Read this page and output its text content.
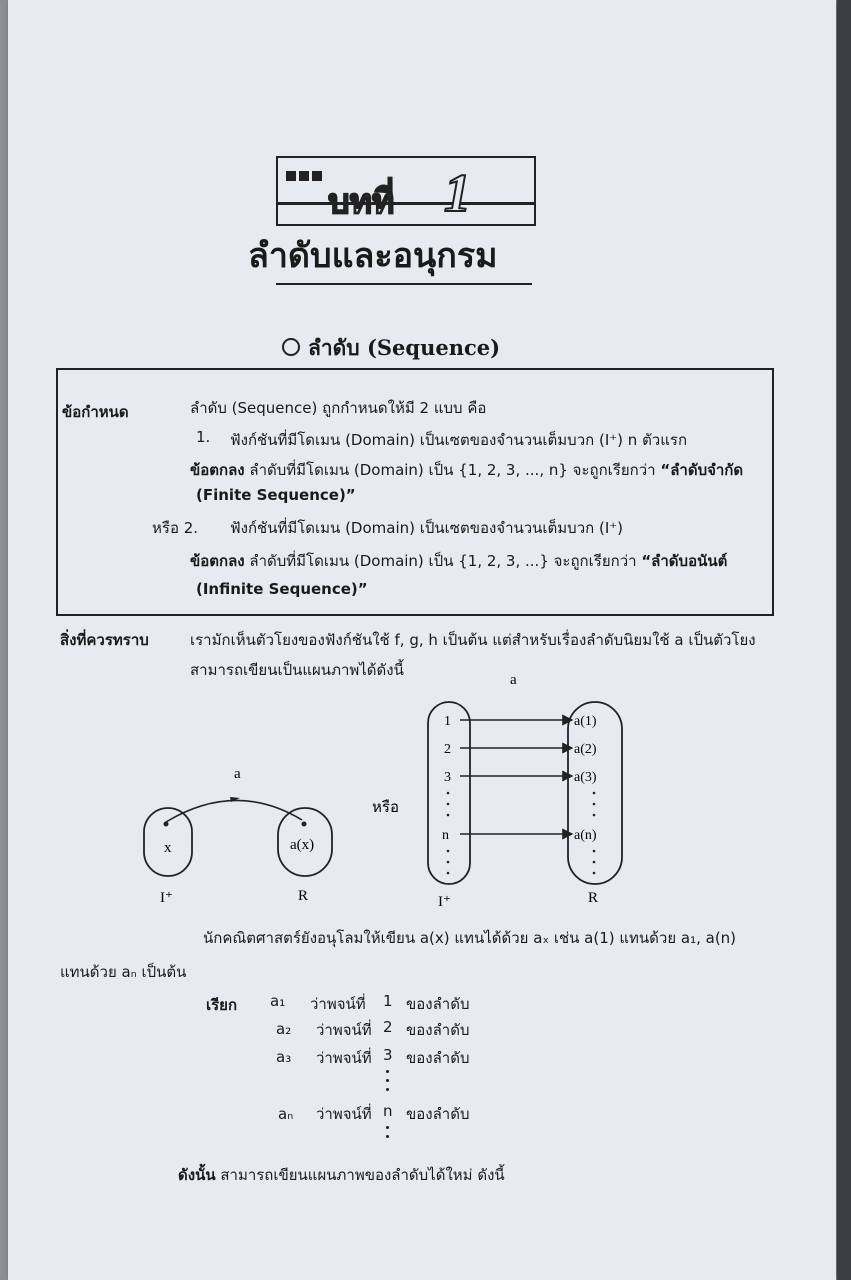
บทที่ 1
ลำดับและอนุกรม
ลำดับ (Sequence)
ข้อกำหนด	ลำดับ (Sequence) ถูกกำหนดให้มี 2 แบบ คือ
1. ฟังก์ชันที่มีโดเมน (Domain) เป็นเซตของจำนวนเต็มบวก (I⁺) n ตัวแรก
ข้อตกลง ลำดับที่มีโดเมน (Domain) เป็น {1, 2, 3, ..., n} จะถูกเรียกว่า “ลำดับจำกัด
(Finite Sequence)”
หรือ 2. ฟังก์ชันที่มีโดเมน (Domain) เป็นเซตของจำนวนเต็มบวก (I⁺)
ข้อตกลง ลำดับที่มีโดเมน (Domain) เป็น {1, 2, 3, ...} จะถูกเรียกว่า “ลำดับอนันต์
(Infinite Sequence)”
สิ่งที่ควรทราบ	เรามักเห็นตัวโยงของฟังก์ชันใช้ f, g, h เป็นต้น แต่สำหรับเรื่องลำดับนิยมใช้ a เป็นตัวโยง
สามารถเขียนเป็นแผนภาพได้ดังนี้
a
x	a(x)
I⁺	R
หรือ
a
1
2
3
n
a(1)
a(2)
a(3)
a(n)
I⁺	R
นักคณิตศาสตร์ยังอนุโลมให้เขียน a(x) แทนได้ด้วย aₓ เช่น a(1) แทนด้วย a₁, a(n)
แทนด้วย aₙ เป็นต้น
เรียก a₁ ว่าพจน์ที่ 1 ของลำดับ
a₂ ว่าพจน์ที่ 2 ของลำดับ
a₃ ว่าพจน์ที่ 3 ของลำดับ
aₙ ว่าพจน์ที่ n ของลำดับ
ดังนั้น สามารถเขียนแผนภาพของลำดับได้ใหม่ ดังนี้
